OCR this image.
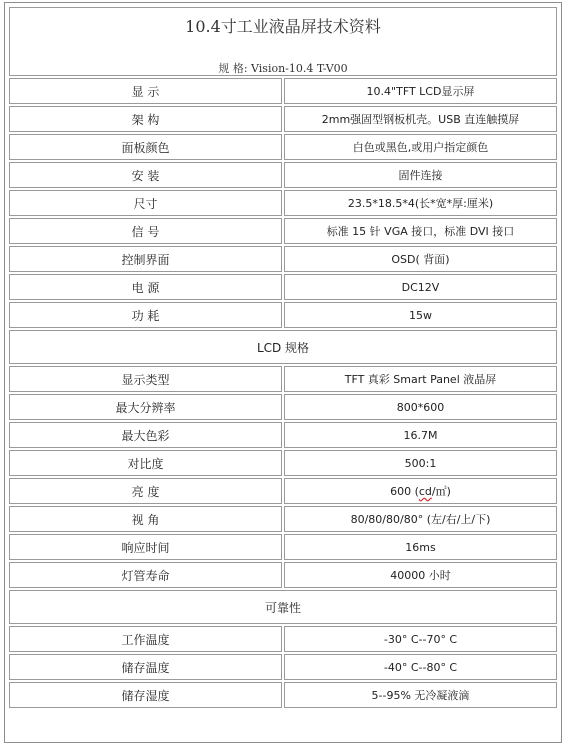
10.4寸工业液晶屏技术资料
规 格: Vision-10.4 T-V00	

显 示	10.4"TFT LCD显示屏
架 构	2mm强固型钢板机壳。USB 直连触摸屏
面板颜色	白色或黑色,或用户指定颜色
安 装	固件连接
尺寸	23.5*18.5*4(长*宽*厚:厘米)
信 号	标准 15 针 VGA 接口，标准 DVI 接口
控制界面	OSD( 背面)
电 源	DC12V
功 耗	15w
LCD 规格	
显示类型	TFT 真彩 Smart Panel 液晶屏
最大分辨率	800*600
最大色彩	16.7M
对比度	500:1
亮 度	600 (cd/㎡)
视 角	80/80/80/80° (左/右/上/下)
响应时间	16ms
灯管寿命	40000 小时
可靠性	
工作温度	-30° C--70° C
储存温度	-40° C--80° C
储存湿度	5--95% 无冷凝液滴
